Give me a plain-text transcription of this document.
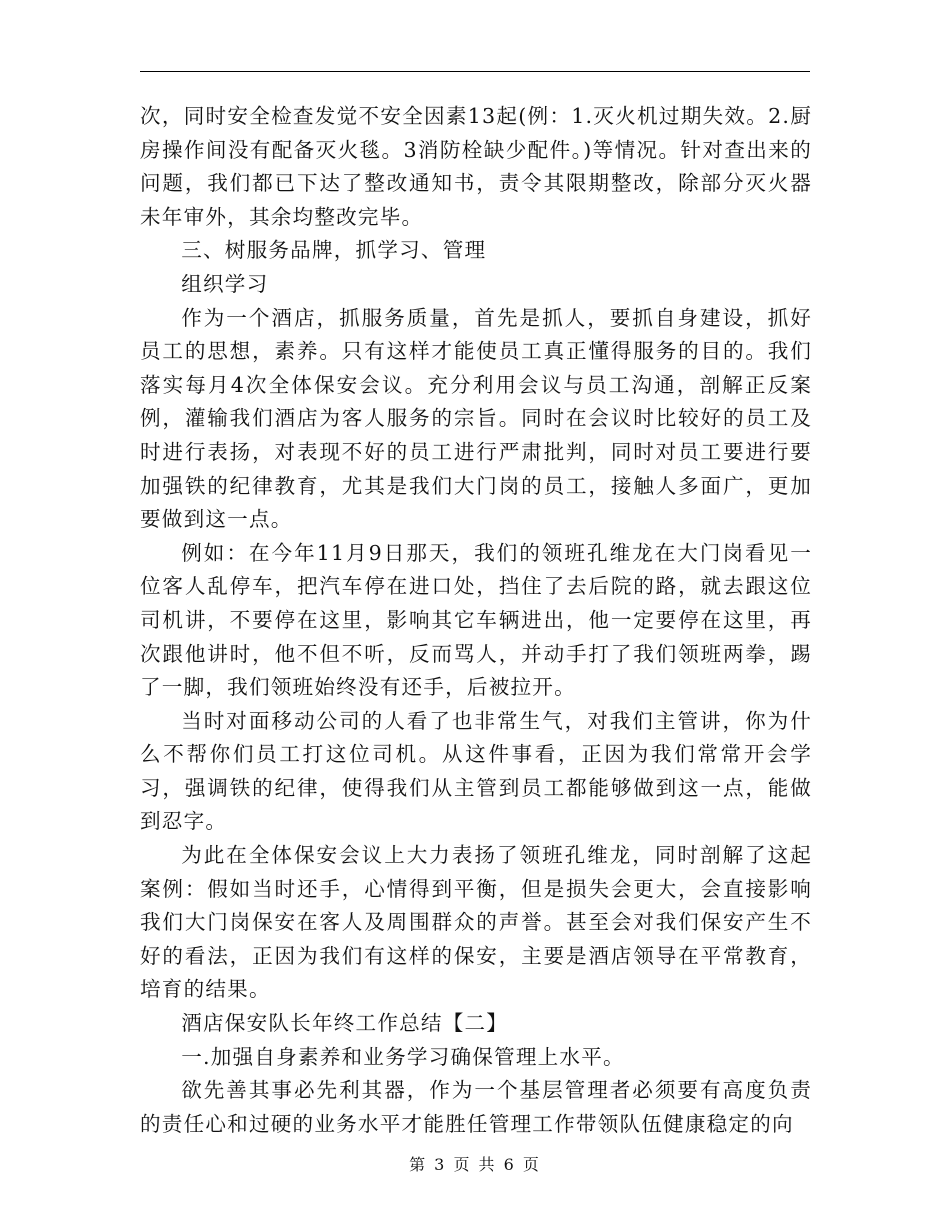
次，同时安全检查发觉不安全因素13起(例：1.灭火机过期失效。2.厨房操作间没有配备灭火毯。3消防栓缺少配件。)等情况。针对查出来的问题，我们都已下达了整改通知书，责令其限期整改，除部分灭火器未年审外，其余均整改完毕。

三、树服务品牌，抓学习、管理

组织学习

作为一个酒店，抓服务质量，首先是抓人，要抓自身建设，抓好员工的思想，素养。只有这样才能使员工真正懂得服务的目的。我们落实每月4次全体保安会议。充分利用会议与员工沟通，剖解正反案例，灌输我们酒店为客人服务的宗旨。同时在会议时比较好的员工及时进行表扬，对表现不好的员工进行严肃批判，同时对员工要进行要加强铁的纪律教育，尤其是我们大门岗的员工，接触人多面广，更加要做到这一点。

例如：在今年11月9日那天，我们的领班孔维龙在大门岗看见一位客人乱停车，把汽车停在进口处，挡住了去后院的路，就去跟这位司机讲，不要停在这里，影响其它车辆进出，他一定要停在这里，再次跟他讲时，他不但不听，反而骂人，并动手打了我们领班两拳，踢了一脚，我们领班始终没有还手，后被拉开。

当时对面移动公司的人看了也非常生气，对我们主管讲，你为什么不帮你们员工打这位司机。从这件事看，正因为我们常常开会学习，强调铁的纪律，使得我们从主管到员工都能够做到这一点，能做到忍字。

为此在全体保安会议上大力表扬了领班孔维龙，同时剖解了这起案例：假如当时还手，心情得到平衡，但是损失会更大，会直接影响我们大门岗保安在客人及周围群众的声誉。甚至会对我们保安产生不好的看法，正因为我们有这样的保安，主要是酒店领导在平常教育，培育的结果。

酒店保安队长年终工作总结【二】

一.加强自身素养和业务学习确保管理上水平。

欲先善其事必先利其器，作为一个基层管理者必须要有高度负责的责任心和过硬的业务水平才能胜任管理工作带领队伍健康稳定的向

第 3 页 共 6 页
